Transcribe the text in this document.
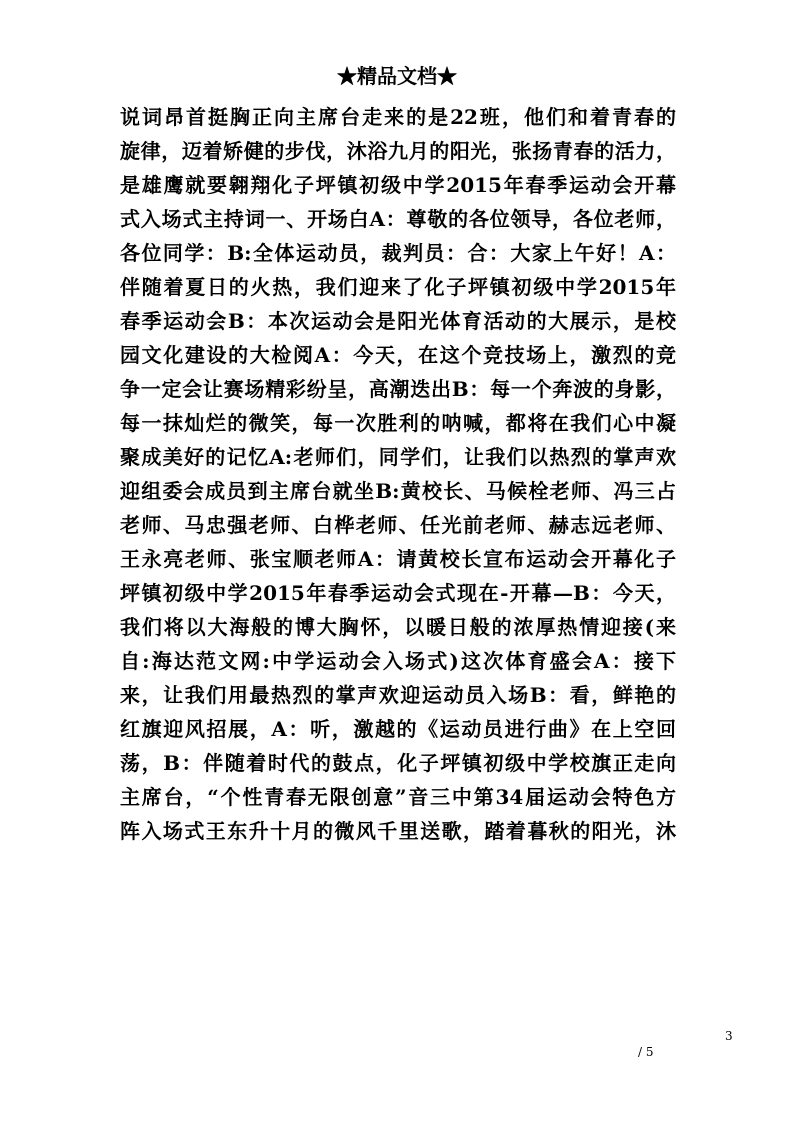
★精品文档★
说词昂首挺胸正向主席台走来的是22班，他们和着青春的
旋律，迈着矫健的步伐，沐浴九月的阳光，张扬青春的活力，
是雄鹰就要翱翔化子坪镇初级中学2015年春季运动会开幕
式入场式主持词一、开场白A：尊敬的各位领导，各位老师，
各位同学：B:全体运动员，裁判员：合：大家上午好！A：
伴随着夏日的火热，我们迎来了化子坪镇初级中学2015年
春季运动会B：本次运动会是阳光体育活动的大展示，是校
园文化建设的大检阅A：今天，在这个竞技场上，激烈的竞
争一定会让赛场精彩纷呈，高潮迭出B：每一个奔波的身影，
每一抹灿烂的微笑，每一次胜利的呐喊，都将在我们心中凝
聚成美好的记忆A:老师们，同学们，让我们以热烈的掌声欢
迎组委会成员到主席台就坐B:黄校长、马候栓老师、冯三占
老师、马忠强老师、白桦老师、任光前老师、赫志远老师、
王永亮老师、张宝顺老师A：请黄校长宣布运动会开幕化子
坪镇初级中学2015年春季运动会式现在-开幕—B：今天，
我们将以大海般的博大胸怀，以暖日般的浓厚热情迎接(来
自:海达范文网:中学运动会入场式)这次体育盛会A：接下
来，让我们用最热烈的掌声欢迎运动员入场B：看，鲜艳的
红旗迎风招展，A：听，激越的《运动员进行曲》在上空回
荡，B：伴随着时代的鼓点，化子坪镇初级中学校旗正走向
主席台，“个性青春无限创意”音三中第34届运动会特色方
阵入场式王东升十月的微风千里送歌，踏着暮秋的阳光，沐
3
/ 5
